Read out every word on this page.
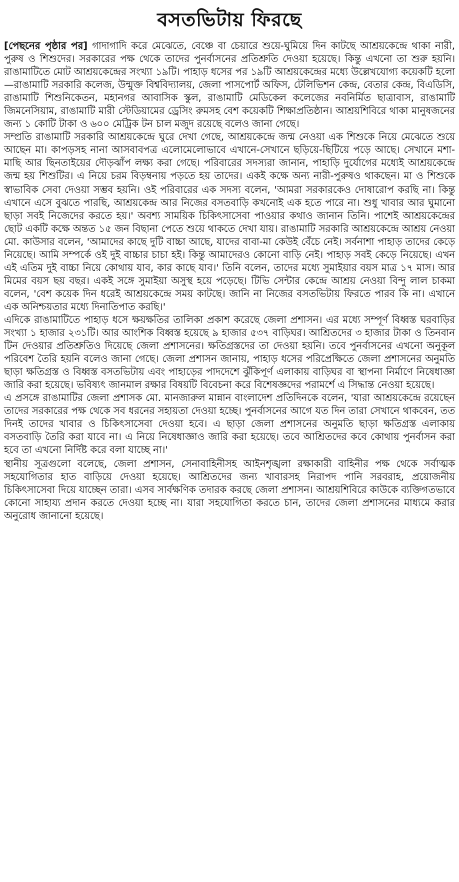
বসতভিটায় ফিরছে

[পেছনের পৃষ্ঠার পর] গাদাগাদি করে মেঝেতে, বেঞ্চে বা চেয়ারে শুয়ে-ঘুমিয়ে দিন কাটছে আশ্রয়কেন্দ্রে থাকা নারী, পুরুষ ও শিশুদের। সরকারের পক্ষ থেকে তাদের পুনর্বাসনের প্রতিশ্রুতি দেওয়া হয়েছে। কিন্তু এখনো তা শুরু হয়নি। রাঙামাটিতে মোট আশ্রয়কেন্দ্রের সংখ্যা ১৯টি। পাহাড় ধসের পর ১৯টি আশ্রয়কেন্দ্রের মধ্যে উল্লেখযোগ্য কয়েকটি হলো—রাঙামাটি সরকারি কলেজ, উন্মুক্ত বিশ্ববিদ্যালয়, জেলা পাসপোর্ট অফিস, টেলিভিশন কেন্দ্র, বেতার কেন্দ্র, বিএডিসি, রাঙামাটি শিশুনিকেতন, মহানগর আবাসিক স্কুল, রাঙামাটি মেডিকেল কলেজের নবনির্মিত ছাত্রাবাস, রাঙামাটি জিমনেসিয়াম, রাঙামাটি মারী স্টেডিয়ামের ড্রেসিং রুমসহ বেশ কয়েকটি শিক্ষাপ্রতিষ্ঠান। আশ্রয়শিবিরে থাকা মানুষজনের জন্য ১ কোটি টাকা ও ৬০০ মেট্রিক টন চাল মজুদ রয়েছে বলেও জানা গেছে।

সম্প্রতি রাঙামাটি সরকারি আশ্রয়কেন্দ্রে ঘুরে দেখা গেছে, আশ্রয়কেন্দ্রে জন্ম নেওয়া এক শিশুকে নিয়ে মেঝেতে শুয়ে আছেন মা। কাপড়সহ নানা আসবাবপত্র এলোমেলোভাবে এখানে-সেখানে ছড়িয়ে-ছিটিয়ে পড়ে আছে। সেখানে মশা-মাছি আর ছিনতাইয়ের দৌড়ঝাঁপ লক্ষ্য করা গেছে। পরিবারের সদস্যরা জানান, পাহাড়ি দুর্যোগের মধ্যেই আশ্রয়কেন্দ্রে জন্ম হয় শিশুটির। এ নিয়ে চরম বিড়ম্বনায় পড়তে হয় তাদের। একই কক্ষে অন্য নারী-পুরুষও থাকছেন। মা ও শিশুকে স্বাভাবিক সেবা দেওয়া সম্ভব হয়নি। ওই পরিবারের এক সদস্য বলেন, 'আমরা সরকারকেও দোষারোপ করছি না। কিন্তু এখানে এসে বুঝতে পারছি, আশ্রয়কেন্দ্র আর নিজের বসতবাড়ি কখনোই এক হতে পারে না। শুধু খাবার আর ঘুমানো ছাড়া সবই নিজেদের করতে হয়।' অবশ্য সাময়িক চিকিৎসাসেবা পাওয়ার কথাও জানান তিনি। পাশেই আশ্রয়কেন্দ্রের ছোট একটি কক্ষে অন্তত ১৫ জন বিছানা পেতে শুয়ে থাকতে দেখা যায়। রাঙামাটি সরকারি আশ্রয়কেন্দ্রে আশ্রয় নেওয়া মো. কাউসার বলেন, 'আমাদের কাছে দুটি বাচ্চা আছে, যাদের বাবা-মা কেউই বেঁচে নেই। সর্বনাশা পাহাড় তাদের কেড়ে নিয়েছে। আমি সম্পর্কে ওই দুই বাচ্চার চাচা হই। কিন্তু আমাদেরও কোনো বাড়ি নেই। পাহাড় সবই কেড়ে নিয়েছে। এখন এই এতিম দুই বাচ্চা নিয়ে কোথায় যাব, কার কাছে যাব।' তিনি বলেন, তাদের মধ্যে সুমাইয়ার বয়স মাত্র ১৭ মাস। আর মিমের বয়স ছয় বছর। একই সঙ্গে সুমাইয়া অসুস্থ হয়ে পড়েছে। টিভি সেন্টার কেন্দ্রে আশ্রয় নেওয়া বিন্দু লাল চাকমা বলেন, 'বেশ কয়েক দিন ধরেই আশ্রয়কেন্দ্রে সময় কাটছে। জানি না নিজের বসতভিটায় ফিরতে পারব কি না। এখানে এক অনিশ্চয়তার মধ্যে দিনাতিপাত করছি।'

এদিকে রাঙামাটিতে পাহাড় ধসে ক্ষয়ক্ষতির তালিকা প্রকাশ করেছে জেলা প্রশাসন। এর মধ্যে সম্পূর্ণ বিধ্বস্ত ঘরবাড়ির সংখ্যা ১ হাজার ২৩১টি। আর আংশিক বিধ্বস্ত হয়েছে ৯ হাজার ৫৩৭ বাড়িঘর। আশ্রিতদের ৩ হাজার টাকা ও তিনবান টিন দেওয়ার প্রতিশ্রুতিও দিয়েছে জেলা প্রশাসনের। ক্ষতিগ্রস্তদের তা দেওয়া হয়নি। তবে পুনর্বাসনের এখনো অনুকূল পরিবেশ তৈরি হয়নি বলেও জানা গেছে। জেলা প্রশাসন জানায়, পাহাড় ধসের পরিপ্রেক্ষিতে জেলা প্রশাসনের অনুমতি ছাড়া ক্ষতিগ্রস্ত ও বিধ্বস্ত বসতভিটায় এবং পাহাড়ের পাদদেশে ঝুঁকিপূর্ণ এলাকায় বাড়িঘর বা স্থাপনা নির্মাণে নিষেধাজ্ঞা জারি করা হয়েছে। ভবিষ্যৎ জানমাল রক্ষার বিষয়টি বিবেচনা করে বিশেষজ্ঞদের পরামর্শে এ সিদ্ধান্ত নেওয়া হয়েছে।

এ প্রসঙ্গে রাঙামাটির জেলা প্রশাসক মো. মানজারুল মান্নান বাংলাদেশ প্রতিদিনকে বলেন, 'যারা আশ্রয়কেন্দ্রে রয়েছেন তাদের সরকারের পক্ষ থেকে সব ধরনের সহায়তা দেওয়া হচ্ছে। পুনর্বাসনের আগে যত দিন তারা সেখানে থাকবেন, তত দিনই তাদের খাবার ও চিকিৎসাসেবা দেওয়া হবে। এ ছাড়া জেলা প্রশাসনের অনুমতি ছাড়া ক্ষতিগ্রস্ত এলাকায় বসতবাড়ি তৈরি করা যাবে না। এ নিয়ে নিষেধাজ্ঞাও জারি করা হয়েছে। তবে আশ্রিতদের কবে কোথায় পুনর্বাসন করা হবে তা এখনো নির্দিষ্ট করে বলা যাচ্ছে না।'

স্থানীয় সূত্রগুলো বলেছে, জেলা প্রশাসন, সেনাবাহিনীসহ আইনশৃঙ্খলা রক্ষাকারী বাহিনীর পক্ষ থেকে সর্বাত্মক সহযোগিতার হাত বাড়িয়ে দেওয়া হয়েছে। আশ্রিতদের জন্য খাবারসহ নিরাপদ পানি সরবরাহ, প্রয়োজনীয় চিকিৎসাসেবা দিয়ে যাচ্ছেন তারা। এসব সার্বক্ষণিক তদারক করছে জেলা প্রশাসন। আশ্রয়শিবিরে কাউকে ব্যক্তিগতভাবে কোনো সাহায্য প্রদান করতে দেওয়া হচ্ছে না। যারা সহযোগিতা করতে চান, তাদের জেলা প্রশাসনের মাধ্যমে করার অনুরোধ জানানো হয়েছে।
